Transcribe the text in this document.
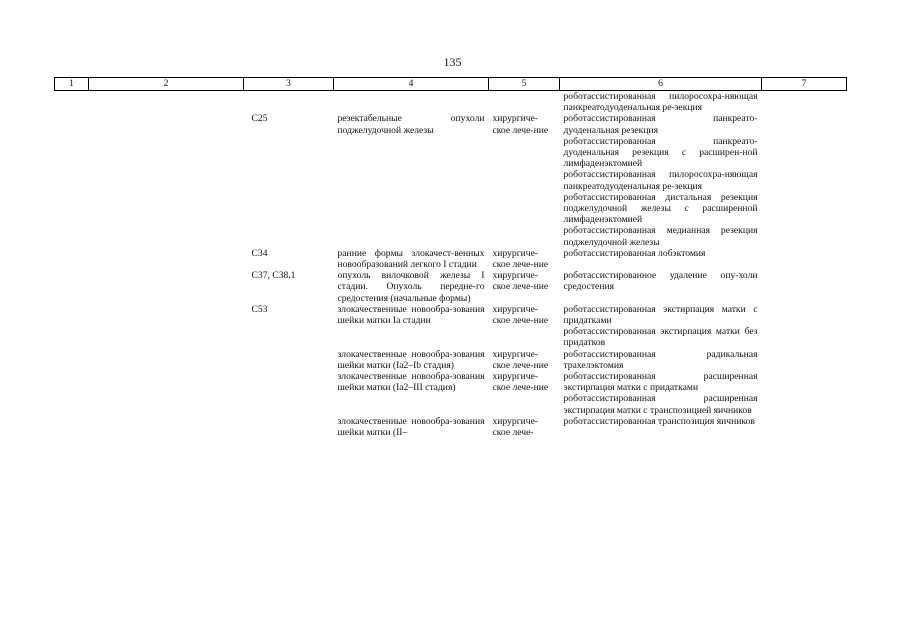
135
1	2	3	4	5	6	7

					роботассистированная пилоросохра-няющая панкреатодуоденальная ре-зекция	

		C25	резектабельные опухоли поджелудочной железы	хирургиче-ское лече-ние	роботассистированная панкреато-дуоденальная резекция
роботассистированная панкреато-дуоденальная резекция с расширен-ной лимфаденэктомией
роботассистированная пилоросохра-няющая панкреатодуоденальная ре-зекция
роботассистированная дистальная резекция поджелудочной железы с расширенной лимфаденэктомией
роботассистированная медианная резекция поджелудочной железы	

		C34	ранние формы злокачест-венных новообразований легкого I стадии	хирургиче-ское лече-ние	роботассистированная лобэктомия	

		C37, C38.1	опухоль вилочковой железы I стадии. Опухоль передне-го средостения (начальные формы)	хирургиче-ское лече-ние	роботассистированное удаление опу-холи средостения	

		C53	злокачественные новообра-зования шейки матки Ia стадии	хирургиче-ское лече-ние	роботассистированная экстирпация матки с придатками
роботассистированная экстирпация матки без придатков	

			злокачественные новообра-зования шейки матки (Ia2–Ib стадия)	хирургиче-ское лече-ние	роботассистированная радикальная трахелэктомия	

			злокачественные новообра-зования шейки матки (Ia2–III стадия)	хирургиче-ское лече-ние	роботассистированная расширенная экстирпация матки с придатками
роботассистированная расширенная экстирпация матки с транспозицией яичников	

			злокачественные новообра-зования шейки матки (II–	хирургиче-ское лече-	роботассистированная транспозиция яичников	
